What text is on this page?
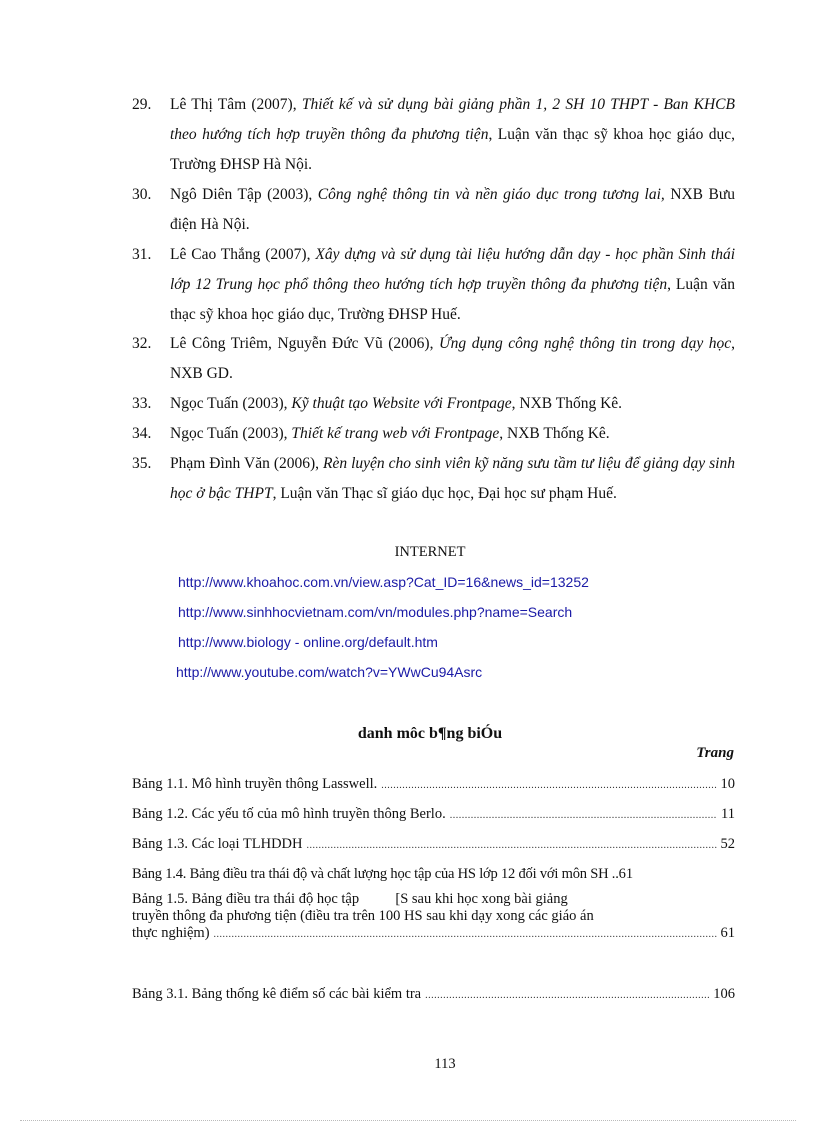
29. Lê Thị Tâm (2007), Thiết kế và sử dụng bài giảng phần 1, 2 SH 10 THPT - Ban KHCB theo hướng tích hợp truyền thông đa phương tiện, Luận văn thạc sỹ khoa học giáo dục, Trường ĐHSP Hà Nội.
30. Ngô Diên Tập (2003), Công nghệ thông tin và nền giáo dục trong tương lai, NXB Bưu điện Hà Nội.
31. Lê Cao Thắng (2007), Xây dựng và sử dụng tài liệu hướng dẫn dạy - học phần Sinh thái lớp 12 Trung học phổ thông theo hướng tích hợp truyền thông đa phương tiện, Luận văn thạc sỹ khoa học giáo dục, Trường ĐHSP Huế.
32. Lê Công Triêm, Nguyễn Đức Vũ (2006), Ứng dụng công nghệ thông tin trong dạy học, NXB GD.
33. Ngọc Tuấn (2003), Kỹ thuật tạo Website với Frontpage, NXB Thống Kê.
34. Ngọc Tuấn (2003), Thiết kế trang web với Frontpage, NXB Thống Kê.
35. Phạm Đình Văn (2006), Rèn luyện cho sinh viên kỹ năng sưu tầm tư liệu để giảng dạy sinh học ở bậc THPT, Luận văn Thạc sĩ giáo dục học, Đại học sư phạm Huế.
INTERNET
http://www.khoahoc.com.vn/view.asp?Cat_ID=16&news_id=13252
http://www.sinhhocvietnam.com/vn/modules.php?name=Search
http://www.biology - online.org/default.htm
http://www.youtube.com/watch?v=YWwCu94Asrc
danh môc b¶ng biÓu
Trang
Bảng 1.1. Mô hình truyền thông Lasswell. .....	10
Bảng 1.2. Các yếu tố của mô hình truyền thông Berlo. .....	11
Bảng 1.3. Các loại TLHDDH .....	52
Bảng 1.4. Bảng điều tra thái độ và chất lượng học tập của HS lớp 12 đối với môn SH .. 61
Bảng 1.5. Bảng điều tra thái độ học tập          [S sau khi học xong bài giảng
truyền thông đa phương tiện (điều tra trên 100 HS sau khi dạy xong các giáo án
thực nghiệm) .....	61
Bảng 3.1. Bảng thống kê điểm số các bài kiểm tra .....	106
113
